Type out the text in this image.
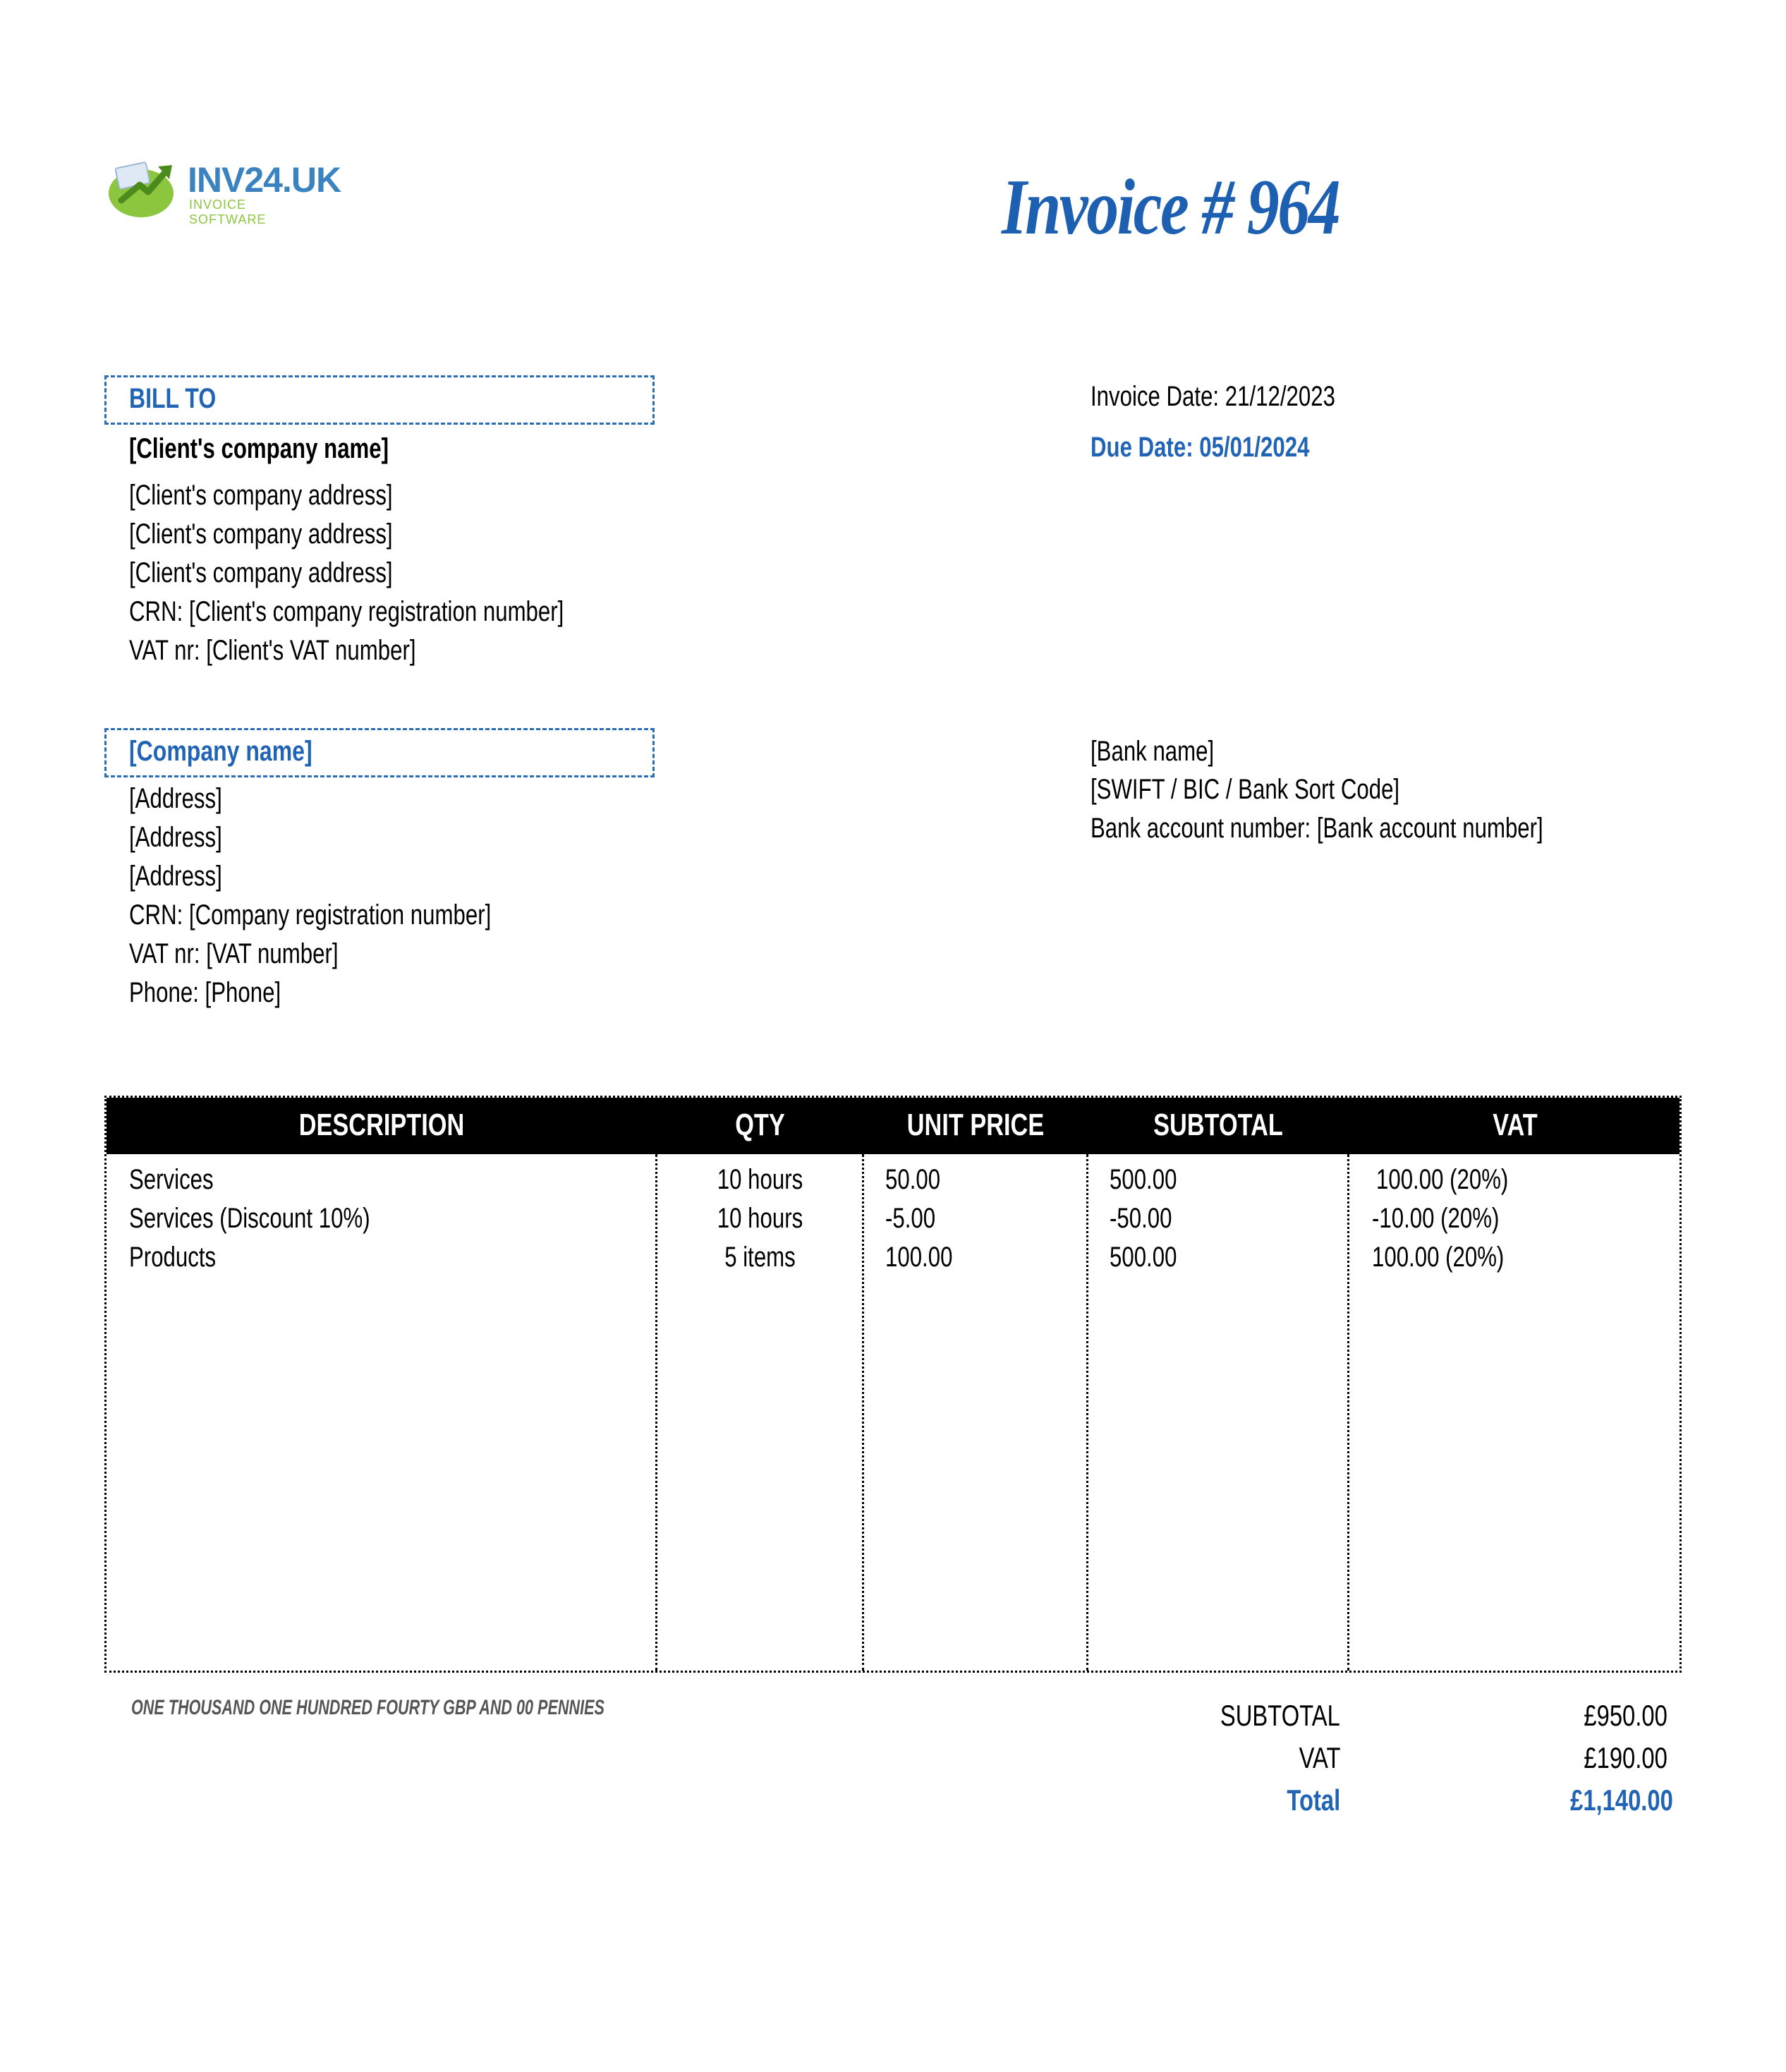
INV24.UK
INVOICE SOFTWARE	Invoice # 964
BILL TO
[Client's company name]
[Client's company address]
[Client's company address]
[Client's company address]
CRN: [Client's company registration number]
VAT nr: [Client's VAT number]
Invoice Date: 21/12/2023
Due Date: 05/01/2024
[Company name]
[Address]
[Address]
[Address]
CRN: [Company registration number]
VAT nr: [VAT number]
Phone: [Phone]
[Bank name]
[SWIFT / BIC / Bank Sort Code]
Bank account number: [Bank account number]
DESCRIPTION	QTY	UNIT PRICE	SUBTOTAL	VAT
Services	10 hours	50.00	500.00	100.00 (20%)
Services (Discount 10%)	10 hours	-5.00	-50.00	-10.00 (20%)
Products	5 items	100.00	500.00	100.00 (20%)
ONE THOUSAND ONE HUNDRED FOURTY GBP AND 00 PENNIES	SUBTOTAL	£950.00
VAT	£190.00
Total	£1,140.00
